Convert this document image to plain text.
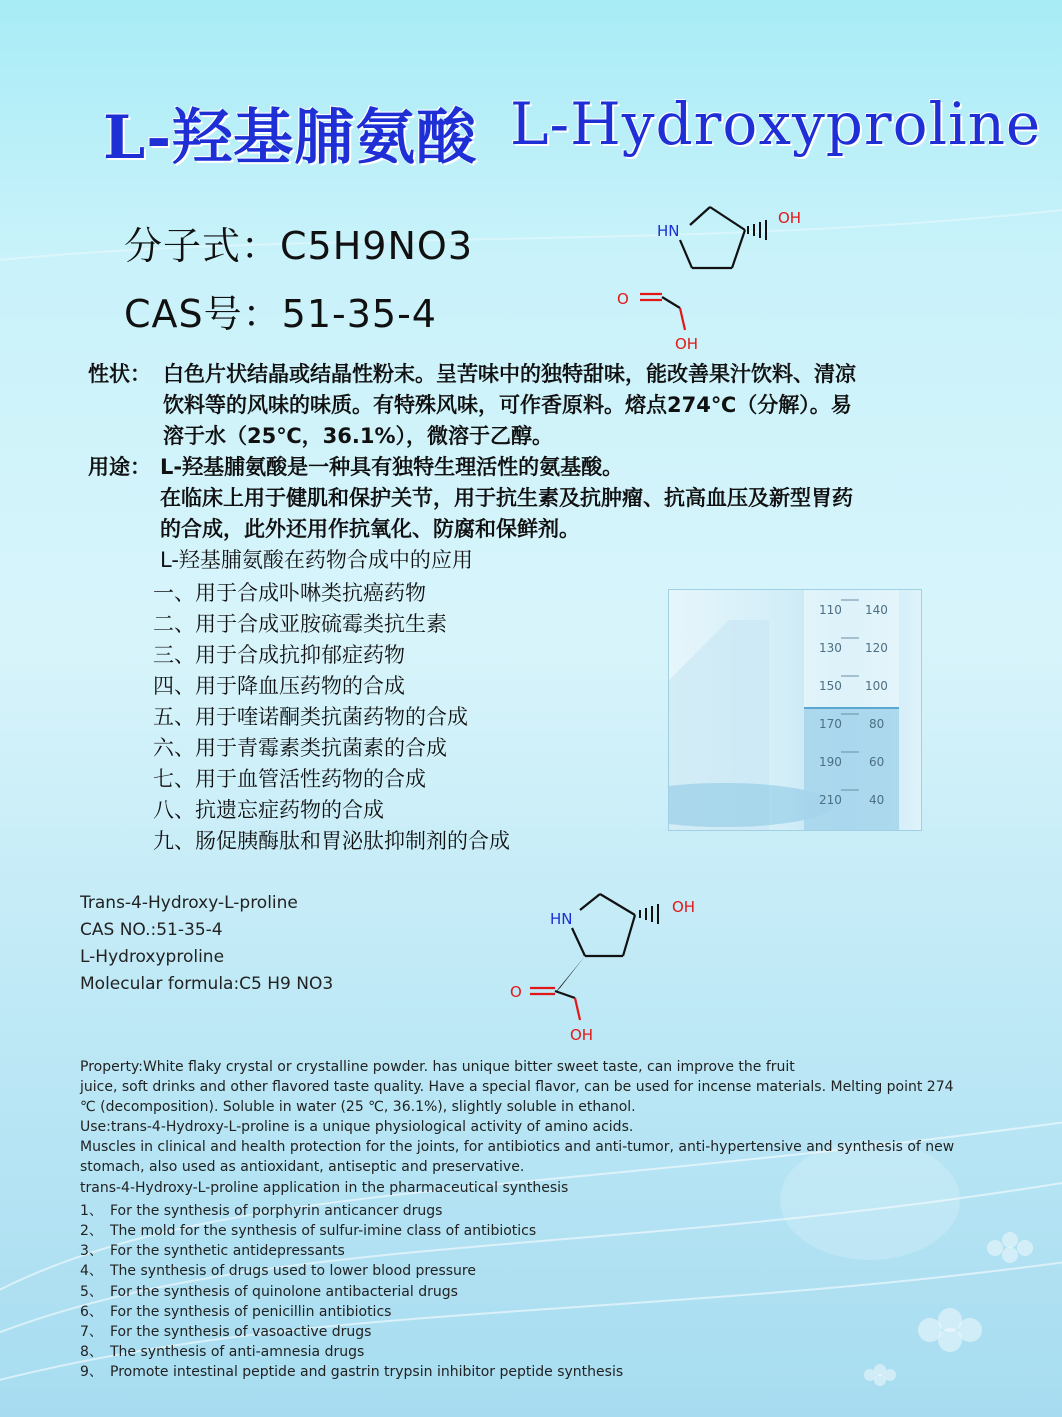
L-羟基脯氨酸 L-Hydroxyproline
分子式：C5H9NO3
CAS号：51-35-4
HN
OH
O
OH
性状： 白色片状结晶或结晶性粉末。呈苦味中的独特甜味，能改善果汁饮料、清凉
饮料等的风味的味质。有特殊风味，可作香原料。熔点274℃（分解）。易
溶于水（25℃，36.1%），微溶于乙醇。
用途： L-羟基脯氨酸是一种具有独特生理活性的氨基酸。
在临床上用于健肌和保护关节，用于抗生素及抗肿瘤、抗高血压及新型胃药
的合成，此外还用作抗氧化、防腐和保鲜剂。
L-羟基脯氨酸在药物合成中的应用
一、用于合成卟啉类抗癌药物
二、用于合成亚胺硫霉类抗生素
三、用于合成抗抑郁症药物
四、用于降血压药物的合成
五、用于喹诺酮类抗菌药物的合成
六、用于青霉素类抗菌素的合成
七、用于血管活性药物的合成
八、抗遗忘症药物的合成
九、肠促胰酶肽和胃泌肽抑制剂的合成
110
130
150
170
190
210
140
120
100
80
60
40
Trans-4-Hydroxy-L-proline
CAS NO.:51-35-4
L-Hydroxyproline
Molecular formula:C5 H9 NO3
HN
OH
O
OH
Property:White flaky crystal or crystalline powder. has unique bitter sweet taste, can improve the fruit
juice, soft drinks and other flavored taste quality. Have a special flavor, can be used for incense materials. Melting point 274
℃ (decomposition). Soluble in water (25 ℃, 36.1%), slightly soluble in ethanol.
Use:trans-4-Hydroxy-L-proline is a unique physiological activity of amino acids.
Muscles in clinical and health protection for the joints, for antibiotics and anti-tumor, anti-hypertensive and synthesis of new
stomach, also used as antioxidant, antiseptic and preservative.
trans-4-Hydroxy-L-proline application in the pharmaceutical synthesis
1、 For the synthesis of porphyrin anticancer drugs
2、 The mold for the synthesis of sulfur-imine class of antibiotics
3、 For the synthetic antidepressants
4、 The synthesis of drugs used to lower blood pressure
5、 For the synthesis of quinolone antibacterial drugs
6、 For the synthesis of penicillin antibiotics
7、 For the synthesis of vasoactive drugs
8、 The synthesis of anti-amnesia drugs
9、 Promote intestinal peptide and gastrin trypsin inhibitor peptide synthesis
